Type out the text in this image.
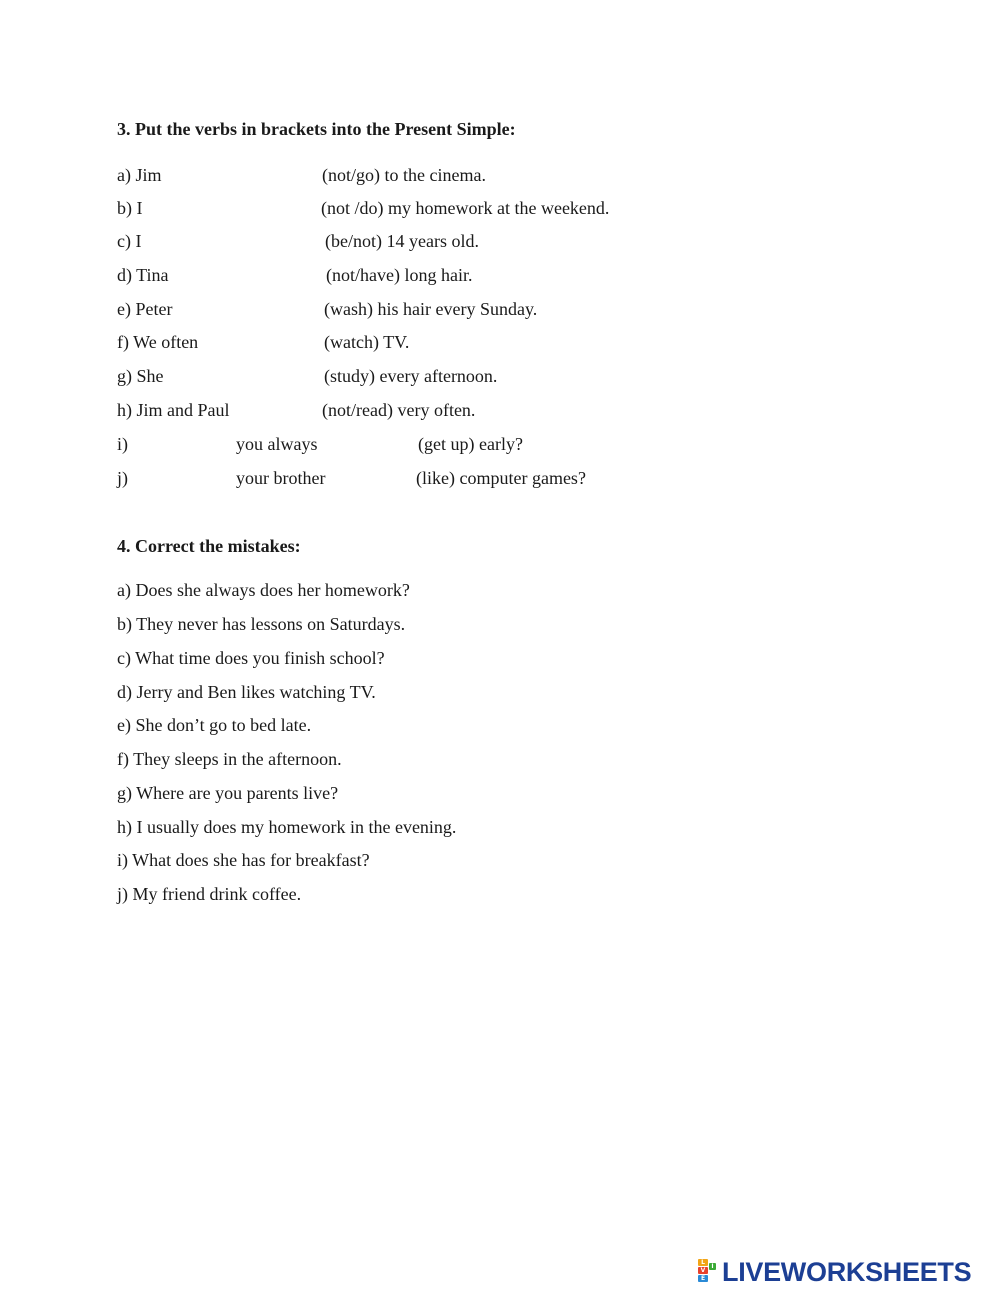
3. Put the verbs in brackets into the Present Simple:
a) Jim	(not/go) to the cinema.
b) I	(not /do) my homework at the weekend.
c) I	(be/not) 14 years old.
d) Tina	(not/have) long hair.
e) Peter	(wash) his hair every Sunday.
f) We often	(watch) TV.
g) She	(study) every afternoon.
h) Jim and Paul	(not/read) very often.
i)	you always	(get up) early?
j)	your brother	(like) computer games?
4. Correct the mistakes:
a) Does she always does her homework?
b) They never has lessons on Saturdays.
c) What time does you finish school?
d) Jerry and Ben likes watching TV.
e) She don’t go to bed late.
f) They sleeps in the afternoon.
g) Where are you parents live?
h) I usually does my homework in the evening.
i) What does she has for breakfast?
j) My friend drink coffee.
L
I
V
E LIVEWORKSHEETS
